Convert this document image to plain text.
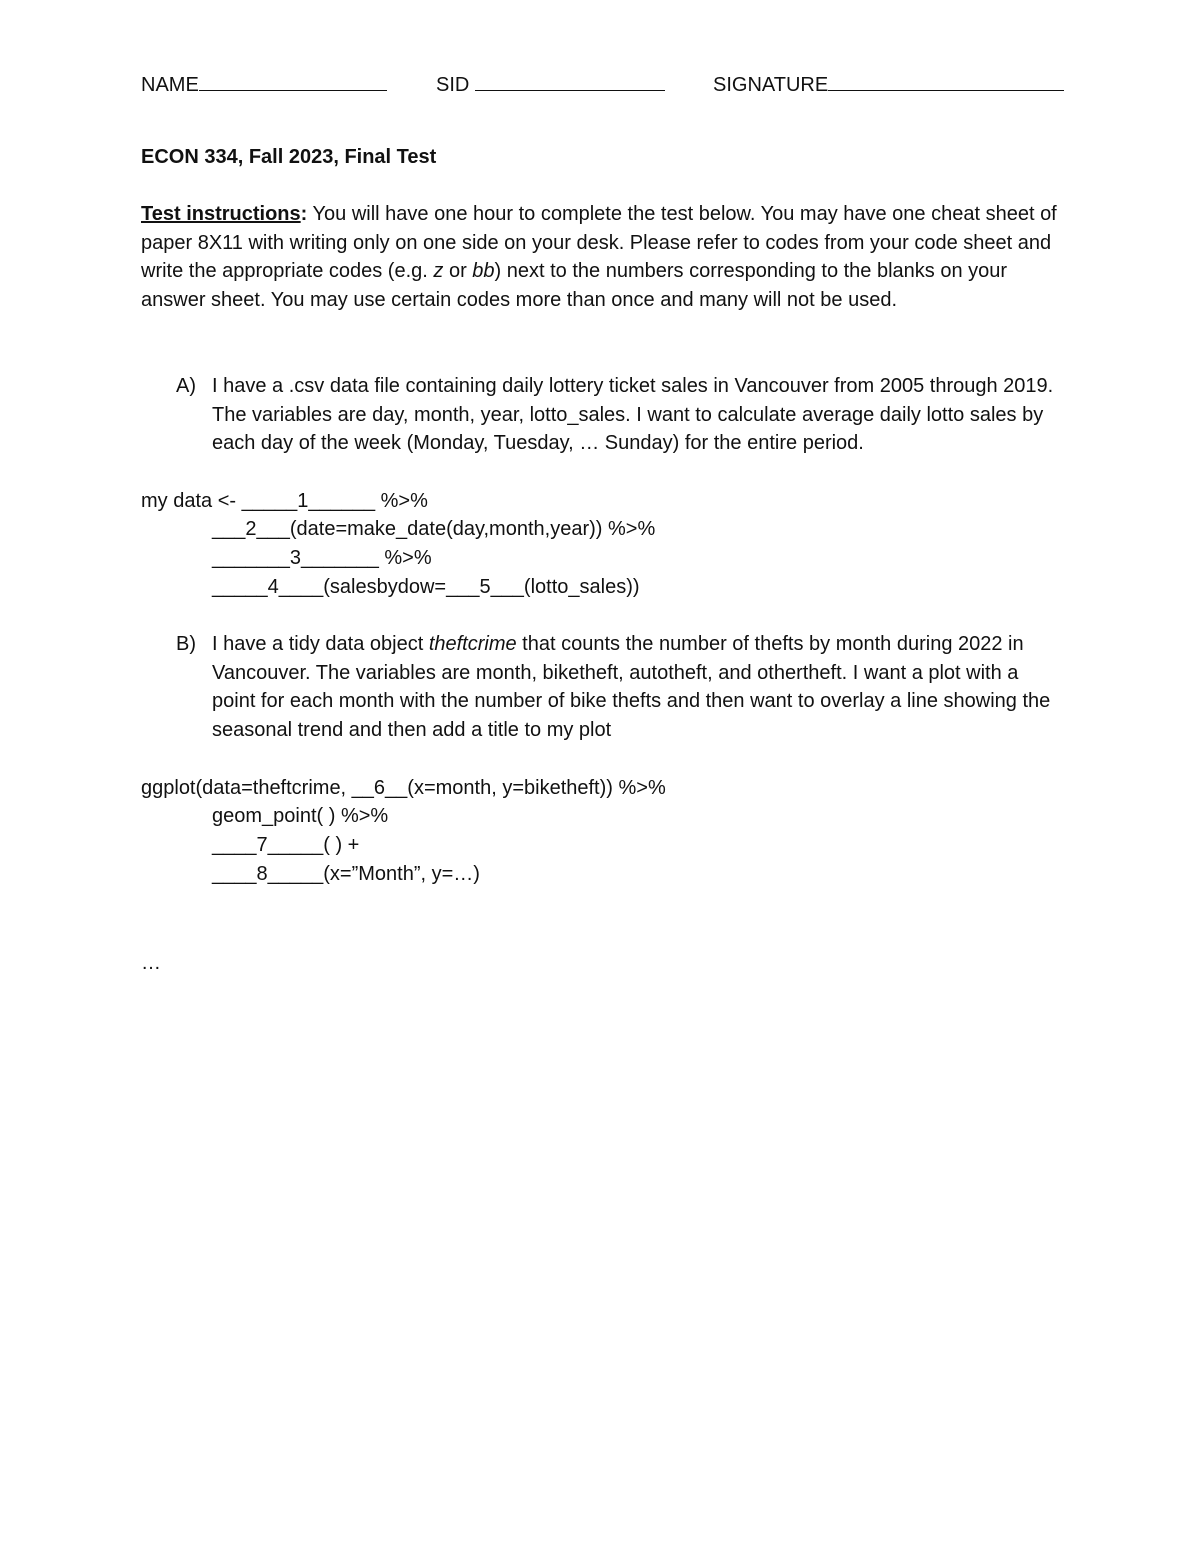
NAME	SID	SIGNATURE
ECON 334, Fall 2023, Final Test
Test instructions: You will have one hour to complete the test below. You may have one cheat sheet of paper 8X11 with writing only on one side on your desk. Please refer to codes from your code sheet and write the appropriate codes (e.g. z or bb) next to the numbers corresponding to the blanks on your answer sheet. You may use certain codes more than once and many will not be used.
A) I have a .csv data file containing daily lottery ticket sales in Vancouver from 2005 through 2019. The variables are day, month, year, lotto_sales. I want to calculate average daily lotto sales by each day of the week (Monday, Tuesday, … Sunday) for the entire period.
my data <- _____1______ %>%
___2___(date=make_date(day,month,year)) %>%
_______3_______ %>%
_____4____(salesbydow=___5___(lotto_sales))
B) I have a tidy data object theftcrime that counts the number of thefts by month during 2022 in Vancouver. The variables are month, biketheft, autotheft, and othertheft. I want a plot with a point for each month with the number of bike thefts and then want to overlay a line showing the seasonal trend and then add a title to my plot
ggplot(data=theftcrime, __6__(x=month, y=biketheft)) %>%
geom_point( ) %>%
____7_____( ) +
____8_____(x=”Month”, y=…)
…
